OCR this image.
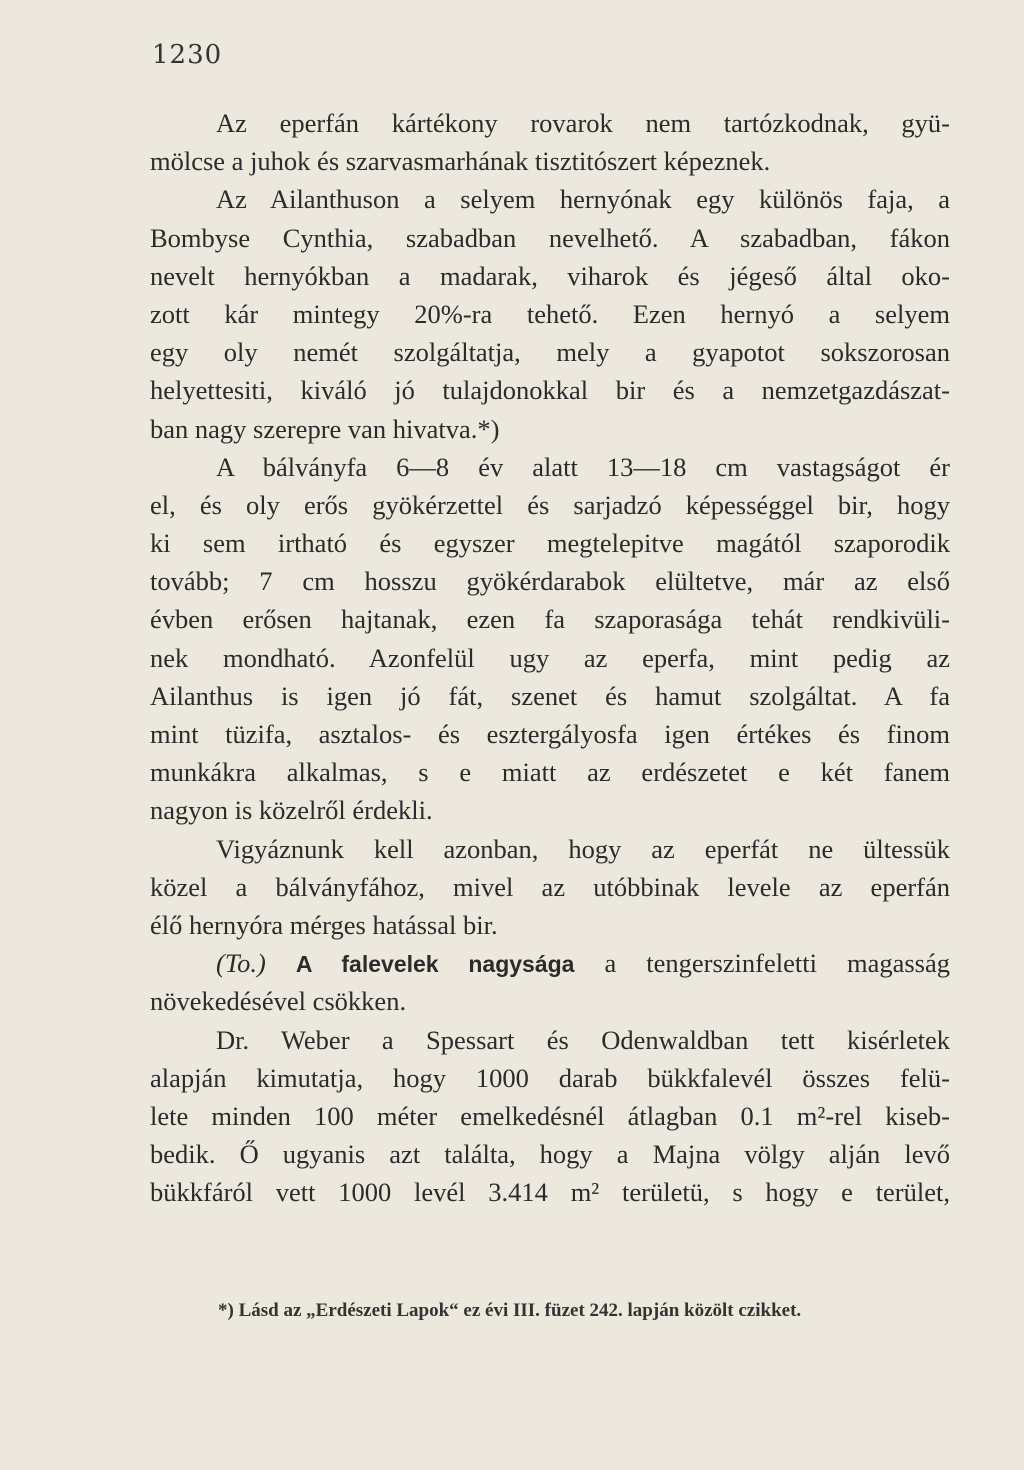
1230
Az eperfán kártékony rovarok nem tartózkodnak, gyü-
mölcse a juhok és szarvasmarhának tisztitószert képeznek.
Az Ailanthuson a selyem hernyónak egy különös faja, a
Bombyse Cynthia, szabadban nevelhető. A szabadban, fákon
nevelt hernyókban a madarak, viharok és jégeső által oko-
zott kár mintegy 20%-ra tehető. Ezen hernyó a selyem
egy oly nemét szolgáltatja, mely a gyapotot sokszorosan
helyettesiti, kiváló jó tulajdonokkal bir és a nemzetgazdászat-
ban nagy szerepre van hivatva.*)
A bálványfa 6—8 év alatt 13—18 cm vastagságot ér
el, és oly erős gyökérzettel és sarjadzó képességgel bir, hogy
ki sem irtható és egyszer megtelepitve magától szaporodik
tovább; 7 cm hosszu gyökérdarabok elültetve, már az első
évben erősen hajtanak, ezen fa szaporasága tehát rendkivüli-
nek mondható. Azonfelül ugy az eperfa, mint pedig az
Ailanthus is igen jó fát, szenet és hamut szolgáltat. A fa
mint tüzifa, asztalos- és esztergályosfa igen értékes és finom
munkákra alkalmas, s e miatt az erdészetet e két fanem
nagyon is közelről érdekli.
Vigyáznunk kell azonban, hogy az eperfát ne ültessük
közel a bálványfához, mivel az utóbbinak levele az eperfán
élő hernyóra mérges hatással bir.
(To.) A falevelek nagysága a tengerszinfeletti magasság
növekedésével csökken.
Dr. Weber a Spessart és Odenwaldban tett kisérletek
alapján kimutatja, hogy 1000 darab bükkfalevél összes felü-
lete minden 100 méter emelkedésnél átlagban 0.1 m²-rel kiseb-
bedik. Ő ugyanis azt találta, hogy a Majna völgy alján levő
bükkfáról vett 1000 levél 3.414 m² területü, s hogy e terület,
*) Lásd az „Erdészeti Lapok“ ez évi III. füzet 242. lapján közölt czikket.
